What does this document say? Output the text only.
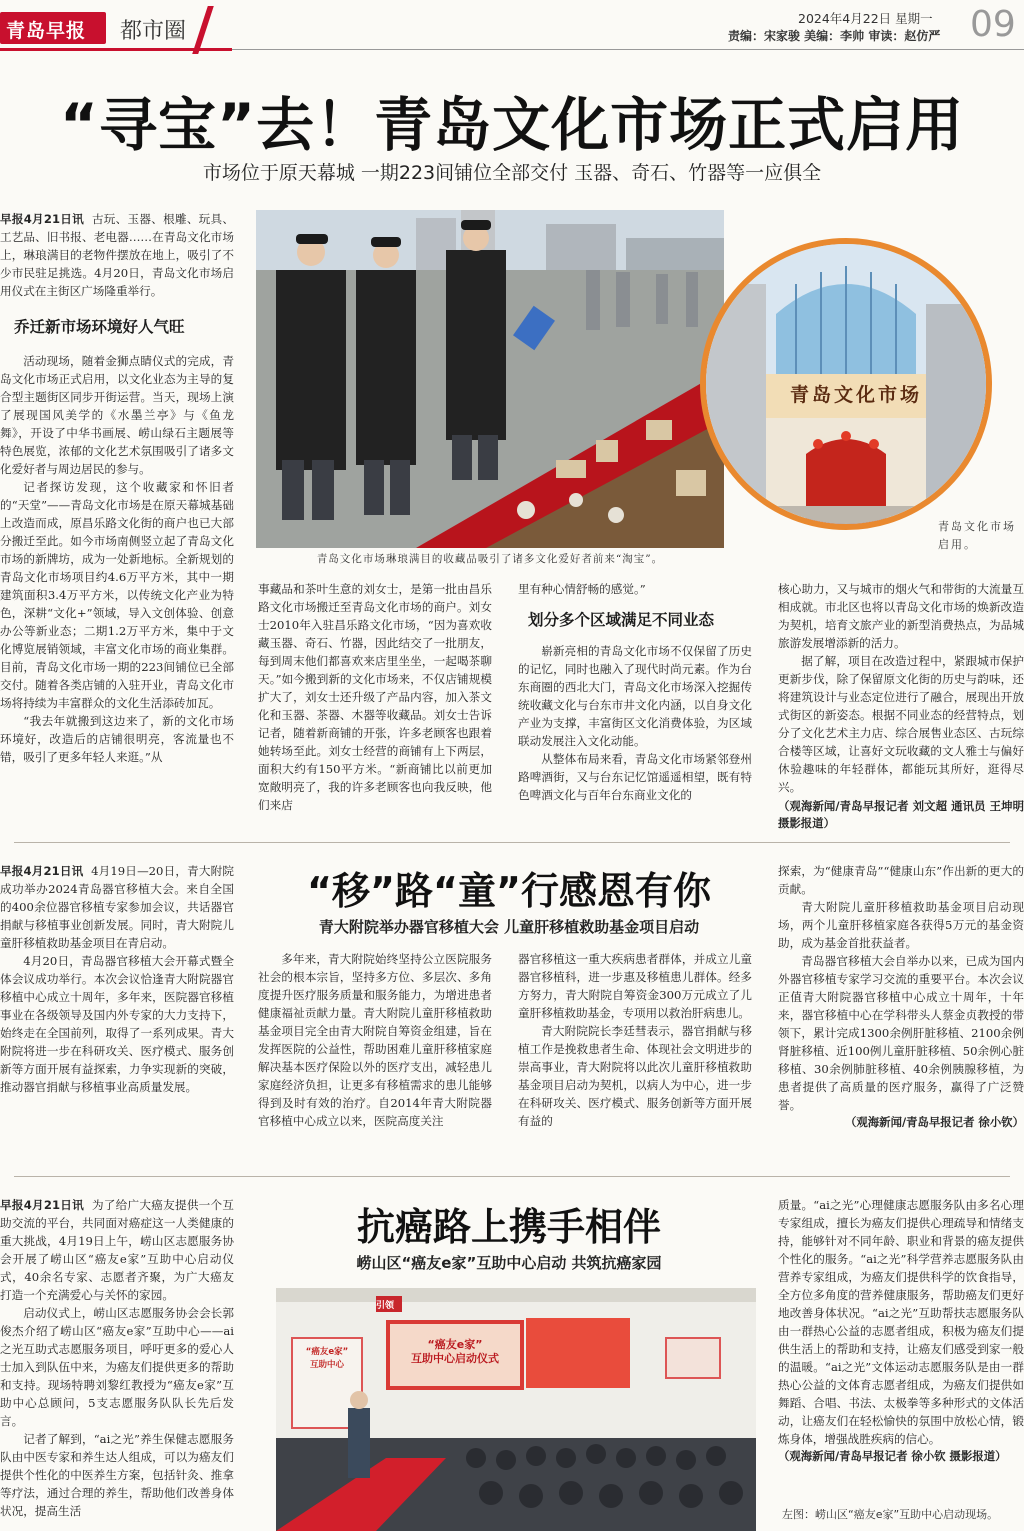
青岛早报 都市圈
2024年4月22日 星期一
责编：宋家骏 美编：李帅 审读：赵仿严 09
“寻宝”去！青岛文化市场正式启用
市场位于原天幕城 一期223间铺位全部交付 玉器、奇石、竹器等一应俱全

早报4月21日讯 古玩、玉器、根雕、玩具、工艺品、旧书报、老电器……在青岛文化市场上，琳琅满目的老物件摆放在地上，吸引了不少市民驻足挑选。4月20日，青岛文化市场启用仪式在主街区广场隆重举行。

乔迁新市场环境好人气旺

活动现场，随着金狮点睛仪式的完成，青岛文化市场正式启用，以文化业态为主导的复合型主题街区同步开街运营。当天，现场上演了展现国风美学的《水墨兰亭》与《鱼龙舞》，开设了中华书画展、崂山绿石主题展等特色展览，浓郁的文化艺术氛围吸引了诸多文化爱好者与周边居民的参与。

记者探访发现，这个收藏家和怀旧者的“天堂”——青岛文化市场是在原天幕城基础上改造而成，原昌乐路文化街的商户也已大部分搬迁至此。如今市场南侧竖立起了青岛文化市场的新牌坊，成为一处新地标。全新规划的青岛文化市场项目约4.6万平方米，其中一期建筑面积3.4万平方米，以传统文化产业为特色，深耕“文化+”领域，导入文创体验、创意办公等新业态；二期1.2万平方米，集中于文化博览展销领域，丰富文化市场的商业集群。目前，青岛文化市场一期的223间铺位已全部交付。随着各类店铺的入驻开业，青岛文化市场将持续为丰富群众的文化生活添砖加瓦。

“我去年就搬到这边来了，新的文化市场环境好，改造后的店铺很明亮，客流量也不错，吸引了更多年轻人来逛。”从

青岛文化市场琳琅满目的收藏品吸引了诸多文化爱好者前来“淘宝”。
青岛文化市场
青岛文化市场启用。

事藏品和茶叶生意的刘女士，是第一批由昌乐路文化市场搬迁至青岛文化市场的商户。刘女士2010年入驻昌乐路文化市场，“因为喜欢收藏玉器、奇石、竹器，因此结交了一批朋友，每到周末他们都喜欢来店里坐坐，一起喝茶聊天。”如今搬到新的文化市场来，不仅店铺规模扩大了，刘女士还升级了产品内容，加入茶文化和玉器、茶器、木器等收藏品。刘女士告诉记者，随着新商铺的开张，许多老顾客也跟着她转场至此。刘女士经营的商铺有上下两层，面积大约有150平方米。“新商铺比以前更加宽敞明亮了，我的许多老顾客也向我反映，他们来店

里有种心情舒畅的感觉。”

划分多个区域满足不同业态

崭新亮相的青岛文化市场不仅保留了历史的记忆，同时也融入了现代时尚元素。作为台东商圈的西北大门，青岛文化市场深入挖掘传统收藏文化与台东市井文化内涵，以自身文化产业为支撑，丰富街区文化消费体验，为区域联动发展注入文化动能。

从整体布局来看，青岛文化市场紧邻登州路啤酒街，又与台东记忆馆遥遥相望，既有特色啤酒文化与百年台东商业文化的

核心助力，又与城市的烟火气和带街的大流量互相成就。市北区也将以青岛文化市场的焕新改造为契机，培育文旅产业的新型消费热点，为品城旅游发展增添新的活力。

据了解，项目在改造过程中，紧跟城市保护更新步伐，除了保留原文化街的历史与韵味，还将建筑设计与业态定位进行了融合，展现出开放式街区的新姿态。根据不同业态的经营特点，划分了文化艺术主力店、综合展售业态区、古玩综合楼等区域，让喜好文玩收藏的文人雅士与偏好休验趣味的年轻群体，都能玩其所好，逛得尽兴。

（观海新闻/青岛早报记者 刘文超 通讯员 王坤明 摄影报道）

早报4月21日讯 4月19日—20日，青大附院成功举办2024青岛器官移植大会。来自全国的400余位器官移植专家参加会议，共话器官捐献与移植事业创新发展。同时，青大附院儿童肝移植救助基金项目在青启动。

4月20日，青岛器官移植大会开幕式暨全体会议成功举行。本次会议恰逢青大附院器官移植中心成立十周年，多年来，医院器官移植事业在各级领导及国内外专家的大力支持下，始终走在全国前列，取得了一系列成果。青大附院将进一步在科研攻关、医疗模式、服务创新等方面开展有益探索，力争实现新的突破，推动器官捐献与移植事业高质量发展。

“移”路“童”行感恩有你
青大附院举办器官移植大会 儿童肝移植救助基金项目启动

多年来，青大附院始终坚持公立医院服务社会的根本宗旨，坚持多方位、多层次、多角度提升医疗服务质量和服务能力，为增进患者健康福祉贡献力量。青大附院儿童肝移植救助基金项目完全由青大附院自筹资金组建，旨在发挥医院的公益性，帮助困难儿童肝移植家庭解决基本医疗保险以外的医疗支出，减轻患儿家庭经济负担，让更多有移植需求的患儿能够得到及时有效的治疗。自2014年青大附院器官移植中心成立以来，医院高度关注

器官移植这一重大疾病患者群体，并成立儿童器官移植科，进一步惠及移植患儿群体。经多方努力，青大附院自筹资金300万元成立了儿童肝移植救助基金，专项用以救治肝病患儿。

青大附院院长李廷彗表示，器官捐献与移植工作是挽救患者生命、体现社会文明进步的崇高事业，青大附院将以此次儿童肝移植救助基金项目启动为契机，以病人为中心，进一步在科研攻关、医疗模式、服务创新等方面开展有益的

探索，为“健康青岛”“健康山东”作出新的更大的贡献。

青大附院儿童肝移植救助基金项目启动现场，两个儿童肝移植家庭各获得5万元的基金资助，成为基金首批获益者。

青岛器官移植大会自举办以来，已成为国内外器官移植专家学习交流的重要平台。本次会议正值青大附院器官移植中心成立十周年，十年来，器官移植中心在学科带头人蔡金贞教授的带领下，累计完成1300余例肝脏移植、2100余例肾脏移植、近100例儿童肝脏移植、50余例心脏移植、30余例肺脏移植、40余例胰腺移植，为患者提供了高质量的医疗服务，赢得了广泛赞誉。

（观海新闻/青岛早报记者 徐小钦）

早报4月21日讯 为了给广大癌友提供一个互助交流的平台，共同面对癌症这一人类健康的重大挑战，4月19日上午，崂山区志愿服务协会开展了崂山区“癌友e家”互助中心启动仪式，40余名专家、志愿者齐聚，为广大癌友打造一个充满爱心与关怀的家园。

启动仪式上，崂山区志愿服务协会会长郭俊杰介绍了崂山区“癌友e家”互助中心——ai之光互助式志愿服务项目，呼吁更多的爱心人士加入到队伍中来，为癌友们提供更多的帮助和支持。现场特聘刘黎红教授为“癌友e家”互助中心总顾问，5支志愿服务队队长先后发言。

记者了解到，“ai之光”养生保健志愿服务队由中医专家和养生达人组成，可以为癌友们提供个性化的中医养生方案，包括针灸、推拿等疗法，通过合理的养生，帮助他们改善身体状况，提高生活

抗癌路上携手相伴
崂山区“癌友e家”互助中心启动 共筑抗癌家园
引领
“癌友e家”
互助中心启动仪式
“癌友e家”
互助中心

质量。“ai之光”心理健康志愿服务队由多名心理专家组成，擅长为癌友们提供心理疏导和情绪支持，能够针对不同年龄、职业和背景的癌友提供个性化的服务。“ai之光”科学营养志愿服务队由营养专家组成，为癌友们提供科学的饮食指导，全方位多角度的营养健康服务，帮助癌友们更好地改善身体状况。“ai之光”互助帮扶志愿服务队由一群热心公益的志愿者组成，积极为癌友们提供生活上的帮助和支持，让癌友们感受到家一般的温暖。“ai之光”文体运动志愿服务队是由一群热心公益的文体育志愿者组成，为癌友们提供如舞蹈、合唱、书法、太极拳等多种形式的文体活动，让癌友们在轻松愉快的氛围中放松心情，锻炼身体，增强战胜疾病的信心。

（观海新闻/青岛早报记者 徐小钦 摄影报道）
左图：崂山区“癌友e家”互助中心启动现场。
